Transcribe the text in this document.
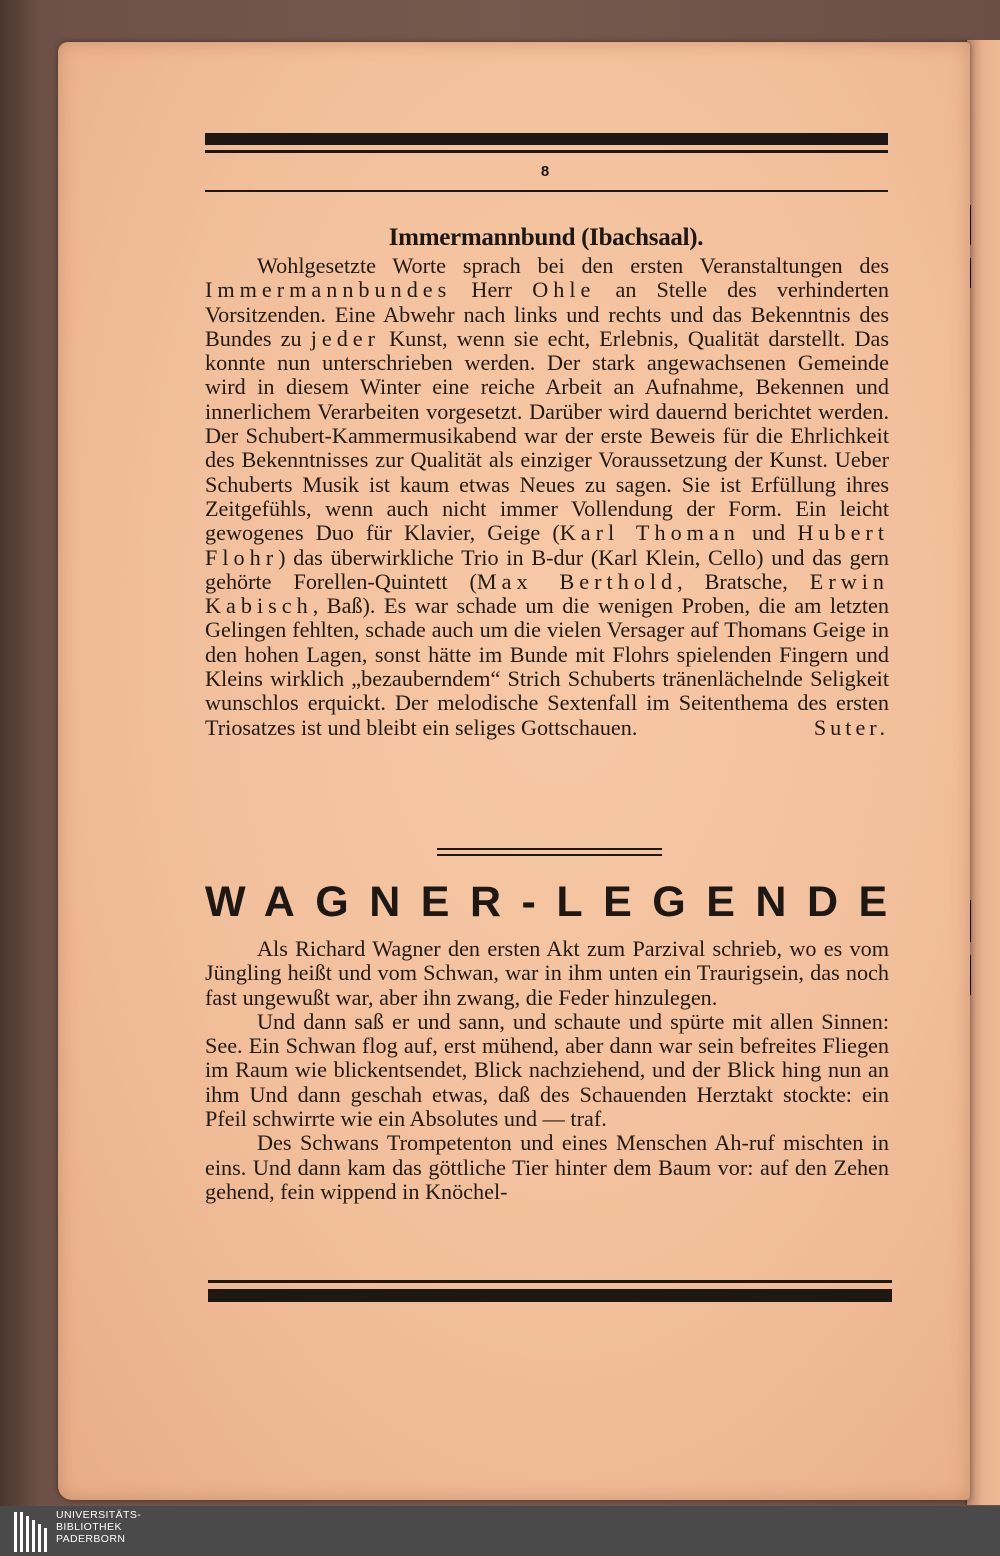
8
Immermannbund (Ibachsaal).

Wohlgesetzte Worte sprach bei den ersten Veranstaltungen des Immermannbundes Herr Ohle an Stelle des verhinderten Vorsitzenden. Eine Abwehr nach links und rechts und das Bekenntnis des Bundes zu jeder Kunst, wenn sie echt, Erlebnis, Qualität darstellt. Das konnte nun unterschrieben werden. Der stark angewachsenen Gemeinde wird in diesem Winter eine reiche Arbeit an Aufnahme, Bekennen und innerlichem Verarbeiten vorgesetzt. Darüber wird dauernd berichtet werden. Der Schubert-Kammermusikabend war der erste Beweis für die Ehrlichkeit des Bekenntnisses zur Qualität als einziger Voraussetzung der Kunst. Ueber Schuberts Musik ist kaum etwas Neues zu sagen. Sie ist Erfüllung ihres Zeitgefühls, wenn auch nicht immer Vollendung der Form. Ein leicht gewogenes Duo für Klavier, Geige (Karl Thoman und Hubert Flohr) das überwirkliche Trio in B-dur (Karl Klein, Cello) und das gern gehörte Forellen-Quintett (Max Berthold, Bratsche, Erwin Kabisch, Baß). Es war schade um die wenigen Proben, die am letzten Gelingen fehlten, schade auch um die vielen Versager auf Thomans Geige in den hohen Lagen, sonst hätte im Bunde mit Flohrs spielenden Fingern und Kleins wirklich „bezauberndem“ Strich Schuberts tränenlächelnde Seligkeit wunschlos erquickt. Der melodische Sextenfall im Seitenthema des ersten Triosatzes ist und bleibt ein seliges Gottschauen.	Suter.

WAGNER-LEGENDE

Als Richard Wagner den ersten Akt zum Parzival schrieb, wo es vom Jüngling heißt und vom Schwan, war in ihm unten ein Traurigsein, das noch fast ungewußt war, aber ihn zwang, die Feder hinzulegen.

Und dann saß er und sann, und schaute und spürte mit allen Sinnen: See. Ein Schwan flog auf, erst mühend, aber dann war sein befreites Fliegen im Raum wie blickentsendet, Blick nachziehend, und der Blick hing nun an ihm Und dann geschah etwas, daß des Schauenden Herztakt stockte: ein Pfeil schwirrte wie ein Absolutes und — traf.

Des Schwans Trompetenton und eines Menschen Ah-ruf mischten in eins. Und dann kam das göttliche Tier hinter dem Baum vor: auf den Zehen gehend, fein wippend in Knöchel-

UNIVERSITÄTS-
BIBLIOTHEK
PADERBORN
